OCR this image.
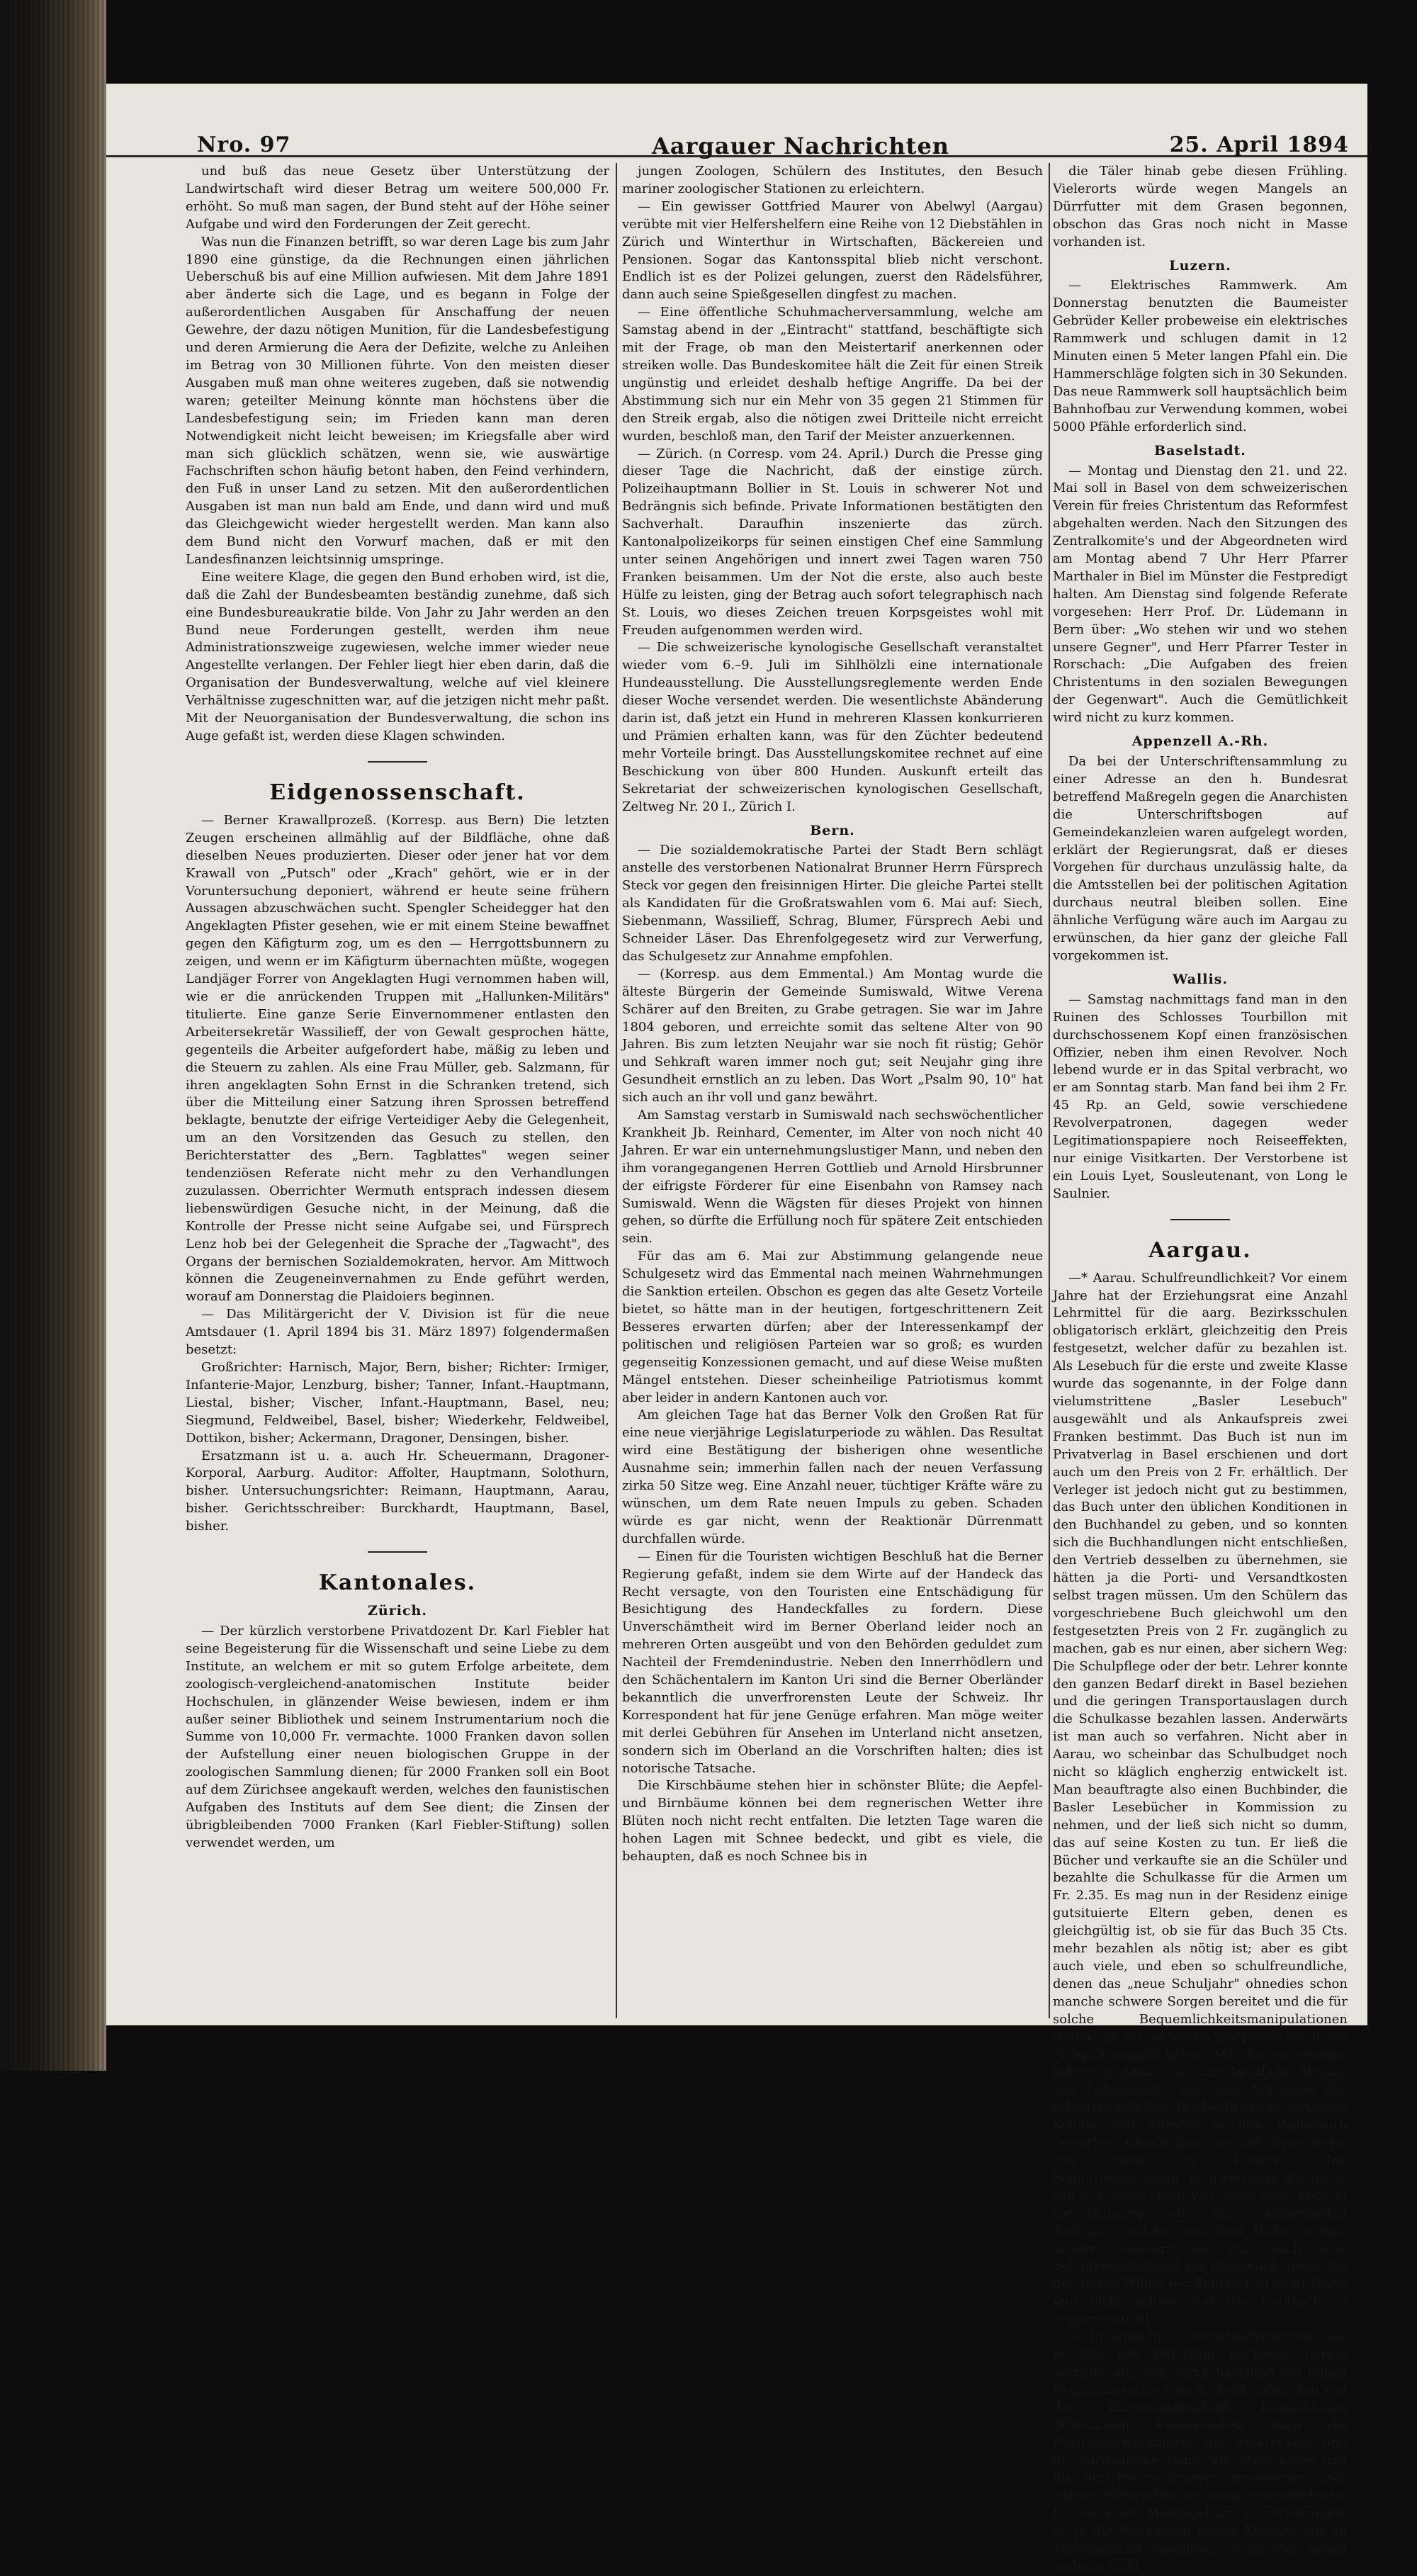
Nro. 97	Aargauer Nachrichten	25. April 1894

und buß das neue Gesetz über Unterstützung der Landwirtschaft wird dieser Betrag um weitere 500,000 Fr. erhöht. So muß man sagen, der Bund steht auf der Höhe seiner Aufgabe und wird den Forderungen der Zeit gerecht.

Was nun die Finanzen betrifft, so war deren Lage bis zum Jahr 1890 eine günstige, da die Rechnungen einen jährlichen Ueberschuß bis auf eine Million aufwiesen. Mit dem Jahre 1891 aber änderte sich die Lage, und es begann in Folge der außerordentlichen Ausgaben für Anschaffung der neuen Gewehre, der dazu nötigen Munition, für die Landesbefestigung und deren Armierung die Aera der Defizite, welche zu Anleihen im Betrag von 30 Millionen führte. Von den meisten dieser Ausgaben muß man ohne weiteres zugeben, daß sie notwendig waren; geteilter Meinung könnte man höchstens über die Landesbefestigung sein; im Frieden kann man deren Notwendigkeit nicht leicht beweisen; im Kriegsfalle aber wird man sich glücklich schätzen, wenn sie, wie auswärtige Fachschriften schon häufig betont haben, den Feind verhindern, den Fuß in unser Land zu setzen. Mit den außerordentlichen Ausgaben ist man nun bald am Ende, und dann wird und muß das Gleichgewicht wieder hergestellt werden. Man kann also dem Bund nicht den Vorwurf machen, daß er mit den Landesfinanzen leichtsinnig umspringe.

Eine weitere Klage, die gegen den Bund erhoben wird, ist die, daß die Zahl der Bundesbeamten beständig zunehme, daß sich eine Bundesbureaukratie bilde. Von Jahr zu Jahr werden an den Bund neue Forderungen gestellt, werden ihm neue Administrationszweige zugewiesen, welche immer wieder neue Angestellte verlangen. Der Fehler liegt hier eben darin, daß die Organisation der Bundesverwaltung, welche auf viel kleinere Verhältnisse zugeschnitten war, auf die jetzigen nicht mehr paßt. Mit der Neuorganisation der Bundesverwaltung, die schon ins Auge gefaßt ist, werden diese Klagen schwinden.

Eidgenossenschaft.

— Berner Krawallprozeß. (Korresp. aus Bern) Die letzten Zeugen erscheinen allmählig auf der Bildfläche, ohne daß dieselben Neues produzierten. Dieser oder jener hat vor dem Krawall von „Putsch" oder „Krach" gehört, wie er in der Voruntersuchung deponiert, während er heute seine frühern Aussagen abzuschwächen sucht. Spengler Scheidegger hat den Angeklagten Pfister gesehen, wie er mit einem Steine bewaffnet gegen den Käfigturm zog, um es den — Herrgottsbunnern zu zeigen, und wenn er im Käfigturm übernachten müßte, wogegen Landjäger Forrer von Angeklagten Hugi vernommen haben will, wie er die anrückenden Truppen mit „Hallunken-Militärs" titulierte. Eine ganze Serie Einvernommener entlasten den Arbeitersekretär Wassilieff, der von Gewalt gesprochen hätte, gegenteils die Arbeiter aufgefordert habe, mäßig zu leben und die Steuern zu zahlen. Als eine Frau Müller, geb. Salzmann, für ihren angeklagten Sohn Ernst in die Schranken tretend, sich über die Mitteilung einer Satzung ihren Sprossen betreffend beklagte, benutzte der eifrige Verteidiger Aeby die Gelegenheit, um an den Vorsitzenden das Gesuch zu stellen, den Berichterstatter des „Bern. Tagblattes" wegen seiner tendenziösen Referate nicht mehr zu den Verhandlungen zuzulassen. Oberrichter Wermuth entsprach indessen diesem liebenswürdigen Gesuche nicht, in der Meinung, daß die Kontrolle der Presse nicht seine Aufgabe sei, und Fürsprech Lenz hob bei der Gelegenheit die Sprache der „Tagwacht", des Organs der bernischen Sozialdemokraten, hervor. Am Mittwoch können die Zeugeneinvernahmen zu Ende geführt werden, worauf am Donnerstag die Plaidoiers beginnen.

— Das Militärgericht der V. Division ist für die neue Amtsdauer (1. April 1894 bis 31. März 1897) folgendermaßen besetzt:

Großrichter: Harnisch, Major, Bern, bisher; Richter: Irmiger, Infanterie-Major, Lenzburg, bisher; Tanner, Infant.-Hauptmann, Liestal, bisher; Vischer, Infant.-Hauptmann, Basel, neu; Siegmund, Feldweibel, Basel, bisher; Wiederkehr, Feldweibel, Dottikon, bisher; Ackermann, Dragoner, Densingen, bisher.

Ersatzmann ist u. a. auch Hr. Scheuermann, Dragoner-Korporal, Aarburg. Auditor: Affolter, Hauptmann, Solothurn, bisher. Untersuchungsrichter: Reimann, Hauptmann, Aarau, bisher. Gerichtsschreiber: Burckhardt, Hauptmann, Basel, bisher.

Kantonales.
Zürich.

— Der kürzlich verstorbene Privatdozent Dr. Karl Fiebler hat seine Begeisterung für die Wissenschaft und seine Liebe zu dem Institute, an welchem er mit so gutem Erfolge arbeitete, dem zoologisch-vergleichend-anatomischen Institute beider Hochschulen, in glänzender Weise bewiesen, indem er ihm außer seiner Bibliothek und seinem Instrumentarium noch die Summe von 10,000 Fr. vermachte. 1000 Franken davon sollen der Aufstellung einer neuen biologischen Gruppe in der zoologischen Sammlung dienen; für 2000 Franken soll ein Boot auf dem Zürichsee angekauft werden, welches den faunistischen Aufgaben des Instituts auf dem See dient; die Zinsen der übrigbleibenden 7000 Franken (Karl Fiebler-Stiftung) sollen verwendet werden, um

jungen Zoologen, Schülern des Institutes, den Besuch mariner zoologischer Stationen zu erleichtern.

— Ein gewisser Gottfried Maurer von Abelwyl (Aargau) verübte mit vier Helfershelfern eine Reihe von 12 Diebstählen in Zürich und Winterthur in Wirtschaften, Bäckereien und Pensionen. Sogar das Kantonsspital blieb nicht verschont. Endlich ist es der Polizei gelungen, zuerst den Rädelsführer, dann auch seine Spießgesellen dingfest zu machen.

— Eine öffentliche Schuhmacherversammlung, welche am Samstag abend in der „Eintracht" stattfand, beschäftigte sich mit der Frage, ob man den Meistertarif anerkennen oder streiken wolle. Das Bundeskomitee hält die Zeit für einen Streik ungünstig und erleidet deshalb heftige Angriffe. Da bei der Abstimmung sich nur ein Mehr von 35 gegen 21 Stimmen für den Streik ergab, also die nötigen zwei Dritteile nicht erreicht wurden, beschloß man, den Tarif der Meister anzuerkennen.

— Zürich. (n Corresp. vom 24. April.) Durch die Presse ging dieser Tage die Nachricht, daß der einstige zürch. Polizeihauptmann Bollier in St. Louis in schwerer Not und Bedrängnis sich befinde. Private Informationen bestätigten den Sachverhalt. Daraufhin inszenierte das zürch. Kantonalpolizeikorps für seinen einstigen Chef eine Sammlung unter seinen Angehörigen und innert zwei Tagen waren 750 Franken beisammen. Um der Not die erste, also auch beste Hülfe zu leisten, ging der Betrag auch sofort telegraphisch nach St. Louis, wo dieses Zeichen treuen Korpsgeistes wohl mit Freuden aufgenommen werden wird.

— Die schweizerische kynologische Gesellschaft veranstaltet wieder vom 6.–9. Juli im Sihlhölzli eine internationale Hundeausstellung. Die Ausstellungsreglemente werden Ende dieser Woche versendet werden. Die wesentlichste Abänderung darin ist, daß jetzt ein Hund in mehreren Klassen konkurrieren und Prämien erhalten kann, was für den Züchter bedeutend mehr Vorteile bringt. Das Ausstellungskomitee rechnet auf eine Beschickung von über 800 Hunden. Auskunft erteilt das Sekretariat der schweizerischen kynologischen Gesellschaft, Zeltweg Nr. 20 I., Zürich I.

Bern.

— Die sozialdemokratische Partei der Stadt Bern schlägt anstelle des verstorbenen Nationalrat Brunner Herrn Fürsprech Steck vor gegen den freisinnigen Hirter. Die gleiche Partei stellt als Kandidaten für die Großratswahlen vom 6. Mai auf: Siech, Siebenmann, Wassilieff, Schrag, Blumer, Fürsprech Aebi und Schneider Läser. Das Ehrenfolgegesetz wird zur Verwerfung, das Schulgesetz zur Annahme empfohlen.

— (Korresp. aus dem Emmental.) Am Montag wurde die älteste Bürgerin der Gemeinde Sumiswald, Witwe Verena Schärer auf den Breiten, zu Grabe getragen. Sie war im Jahre 1804 geboren, und erreichte somit das seltene Alter von 90 Jahren. Bis zum letzten Neujahr war sie noch fit rüstig; Gehör und Sehkraft waren immer noch gut; seit Neujahr ging ihre Gesundheit ernstlich an zu leben. Das Wort „Psalm 90, 10" hat sich auch an ihr voll und ganz bewährt.

Am Samstag verstarb in Sumiswald nach sechswöchentlicher Krankheit Jb. Reinhard, Cementer, im Alter von noch nicht 40 Jahren. Er war ein unternehmungslustiger Mann, und neben den ihm vorangegangenen Herren Gottlieb und Arnold Hirsbrunner der eifrigste Förderer für eine Eisenbahn von Ramsey nach Sumiswald. Wenn die Wägsten für dieses Projekt von hinnen gehen, so dürfte die Erfüllung noch für spätere Zeit entschieden sein.

Für das am 6. Mai zur Abstimmung gelangende neue Schulgesetz wird das Emmental nach meinen Wahrnehmungen die Sanktion erteilen. Obschon es gegen das alte Gesetz Vorteile bietet, so hätte man in der heutigen, fortgeschrittenern Zeit Besseres erwarten dürfen; aber der Interessenkampf der politischen und religiösen Parteien war so groß; es wurden gegenseitig Konzessionen gemacht, und auf diese Weise mußten Mängel entstehen. Dieser scheinheilige Patriotismus kommt aber leider in andern Kantonen auch vor.

Am gleichen Tage hat das Berner Volk den Großen Rat für eine neue vierjährige Legislaturperiode zu wählen. Das Resultat wird eine Bestätigung der bisherigen ohne wesentliche Ausnahme sein; immerhin fallen nach der neuen Verfassung zirka 50 Sitze weg. Eine Anzahl neuer, tüchtiger Kräfte wäre zu wünschen, um dem Rate neuen Impuls zu geben. Schaden würde es gar nicht, wenn der Reaktionär Dürrenmatt durchfallen würde.

— Einen für die Touristen wichtigen Beschluß hat die Berner Regierung gefaßt, indem sie dem Wirte auf der Handeck das Recht versagte, von den Touristen eine Entschädigung für Besichtigung des Handeckfalles zu fordern. Diese Unverschämtheit wird im Berner Oberland leider noch an mehreren Orten ausgeübt und von den Behörden geduldet zum Nachteil der Fremdenindustrie. Neben den Innerrhödlern und den Schächentalern im Kanton Uri sind die Berner Oberländer bekanntlich die unverfrorensten Leute der Schweiz. Ihr Korrespondent hat für jene Genüge erfahren. Man möge weiter mit derlei Gebühren für Ansehen im Unterland nicht ansetzen, sondern sich im Oberland an die Vorschriften halten; dies ist notorische Tatsache.

Die Kirschbäume stehen hier in schönster Blüte; die Aepfel- und Birnbäume können bei dem regnerischen Wetter ihre Blüten noch nicht recht entfalten. Die letzten Tage waren die hohen Lagen mit Schnee bedeckt, und gibt es viele, die behaupten, daß es noch Schnee bis in

die Täler hinab gebe diesen Frühling. Vielerorts würde wegen Mangels an Dürrfutter mit dem Grasen begonnen, obschon das Gras noch nicht in Masse vorhanden ist.

Luzern.

— Elektrisches Rammwerk. Am Donnerstag benutzten die Baumeister Gebrüder Keller probeweise ein elektrisches Rammwerk und schlugen damit in 12 Minuten einen 5 Meter langen Pfahl ein. Die Hammerschläge folgten sich in 30 Sekunden. Das neue Rammwerk soll hauptsächlich beim Bahnhofbau zur Verwendung kommen, wobei 5000 Pfähle erforderlich sind.

Baselstadt.

— Montag und Dienstag den 21. und 22. Mai soll in Basel von dem schweizerischen Verein für freies Christentum das Reformfest abgehalten werden. Nach den Sitzungen des Zentralkomite's und der Abgeordneten wird am Montag abend 7 Uhr Herr Pfarrer Marthaler in Biel im Münster die Festpredigt halten. Am Dienstag sind folgende Referate vorgesehen: Herr Prof. Dr. Lüdemann in Bern über: „Wo stehen wir und wo stehen unsere Gegner", und Herr Pfarrer Tester in Rorschach: „Die Aufgaben des freien Christentums in den sozialen Bewegungen der Gegenwart". Auch die Gemütlichkeit wird nicht zu kurz kommen.

Appenzell A.-Rh.

Da bei der Unterschriftensammlung zu einer Adresse an den h. Bundesrat betreffend Maßregeln gegen die Anarchisten die Unterschriftsbogen auf Gemeindekanzleien waren aufgelegt worden, erklärt der Regierungsrat, daß er dieses Vorgehen für durchaus unzulässig halte, da die Amtsstellen bei der politischen Agitation durchaus neutral bleiben sollen. Eine ähnliche Verfügung wäre auch im Aargau zu erwünschen, da hier ganz der gleiche Fall vorgekommen ist.

Wallis.

— Samstag nachmittags fand man in den Ruinen des Schlosses Tourbillon mit durchschossenem Kopf einen französischen Offizier, neben ihm einen Revolver. Noch lebend wurde er in das Spital verbracht, wo er am Sonntag starb. Man fand bei ihm 2 Fr. 45 Rp. an Geld, sowie verschiedene Revolverpatronen, dagegen weder Legitimationspapiere noch Reiseeffekten, nur einige Visitkarten. Der Verstorbene ist ein Louis Lyet, Sousleutenant, von Long le Saulnier.

Aargau.

—* Aarau. Schulfreundlichkeit? Vor einem Jahre hat der Erziehungsrat eine Anzahl Lehrmittel für die aarg. Bezirksschulen obligatorisch erklärt, gleichzeitig den Preis festgesetzt, welcher dafür zu bezahlen ist. Als Lesebuch für die erste und zweite Klasse wurde das sogenannte, in der Folge dann vielumstrittene „Basler Lesebuch" ausgewählt und als Ankaufspreis zwei Franken bestimmt. Das Buch ist nun im Privatverlag in Basel erschienen und dort auch um den Preis von 2 Fr. erhältlich. Der Verleger ist jedoch nicht gut zu bestimmen, das Buch unter den üblichen Konditionen in den Buchhandel zu geben, und so konnten sich die Buchhandlungen nicht entschließen, den Vertrieb desselben zu übernehmen, sie hätten ja die Porti- und Versandtkosten selbst tragen müssen. Um den Schülern das vorgeschriebene Buch gleichwohl um den festgesetzten Preis von 2 Fr. zugänglich zu machen, gab es nur einen, aber sichern Weg: Die Schulpflege oder der betr. Lehrer konnte den ganzen Bedarf direkt in Basel beziehen und die geringen Transportauslagen durch die Schulkasse bezahlen lassen. Anderwärts ist man auch so verfahren. Nicht aber in Aarau, wo scheinbar das Schulbudget noch nicht so kläglich engherzig entwickelt ist. Man beauftragte also einen Buchbinder, die Basler Lesebücher in Kommission zu nehmen, und der ließ sich nicht so dumm, das auf seine Kosten zu tun. Er ließ die Bücher und verkaufte sie an die Schüler und bezahlte die Schulkasse für die Armen um Fr. 2.35. Es mag nun in der Residenz einige gutsituierte Eltern geben, denen es gleichgültig ist, ob sie für das Buch 35 Cts. mehr bezahlen als nötig ist; aber es gibt auch viele, und eben so schulfreundliche, denen das „neue Schuljahr" ohnedies schon manche schwere Sorgen bereitet und die für solche Bequemlichkeitsmanipulationen weder die erforderliche Sympathie noch das nötige Kleingeld haben. Man hat vor einigen Jahren in Aarau die „unentgeltliche Abgabe von Lehrmitteln" mit dem Argument der schulfreundlichen Wechselwirkung zwischen Schule und Familie in den Papierkorb geworfen. Glaubt man sie auf diese Weise von oben zu fördern? Die Schulfreundlichkeit, man vergesse das nicht, soll sich nicht allein von unten nach oben in Genehmigung all der „zeitgemäßen Anträge", welche man dem Volke vorlegt, äußern; sondern es gibt auch eine Schulfreundlichkeit von oben nach unten, die den guten Willen der Schwachen nicht lähmt und nicht schwer auf der Geldsack zu ersparen sucht.

— Italienische Silberscheidemünzen. Wir machen das Publikum nochmals darauf aufmerksam, daß durch Beschluß des hohen Regierungsrates vom 4. April außer den von der Eidgenossenschaft bezeichneten öffentlichen Kassenstellen auch die Bezirksverwaltungen, die Staatskasse und die aargauische Bank, die Staatskasse und die Bezirksverwaltungen angewiesen sind, italien. Silberscheidemünzen auszuwechseln. Es war diese Maßregel um so notwendiger, da ja die Postkassen solche Münzen nur an Zahlungsstatt annehmen, nicht aber gegen anderes Geld
